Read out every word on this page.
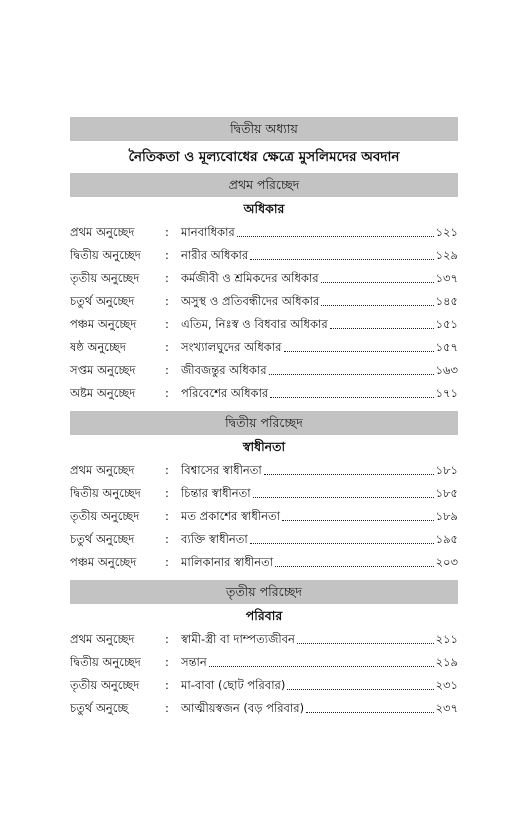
দ্বিতীয় অধ্যায়
নৈতিকতা ও মূল্যবোধের ক্ষেত্রে মুসলিমদের অবদান
প্রথম পরিচ্ছেদ
অধিকার
প্রথম অনুচ্ছেদ	:	মানবাধিকার	১২১
দ্বিতীয় অনুচ্ছেদ	:	নারীর অধিকার	১২৯
তৃতীয় অনুচ্ছেদ	:	কর্মজীবী ও শ্রমিকদের অধিকার	১৩৭
চতুর্থ অনুচ্ছেদ	:	অসুস্থ ও প্রতিবন্ধীদের অধিকার	১৪৫
পঞ্চম অনুচ্ছেদ	:	এতিম, নিঃস্ব ও বিধবার অধিকার	১৫১
ষষ্ঠ অনুচ্ছেদ	:	সংখ্যালঘুদের অধিকার	১৫৭
সপ্তম অনুচ্ছেদ	:	জীবজন্তুর অধিকার	১৬৩
অষ্টম অনুচ্ছেদ	:	পরিবেশের অধিকার	১৭১
দ্বিতীয় পরিচ্ছেদ
স্বাধীনতা
প্রথম অনুচ্ছেদ	:	বিশ্বাসের স্বাধীনতা	১৮১
দ্বিতীয় অনুচ্ছেদ	:	চিন্তার স্বাধীনতা	১৮৫
তৃতীয় অনুচ্ছেদ	:	মত প্রকাশের স্বাধীনতা	১৮৯
চতুর্থ অনুচ্ছেদ	:	ব্যক্তি স্বাধীনতা	১৯৫
পঞ্চম অনুচ্ছেদ	:	মালিকানার স্বাধীনতা	২০৩
তৃতীয় পরিচ্ছেদ
পরিবার
প্রথম অনুচ্ছেদ	:	স্বামী-স্ত্রী বা দাম্পত্যজীবন	২১১
দ্বিতীয় অনুচ্ছেদ	:	সন্তান	২১৯
তৃতীয় অনুচ্ছেদ	:	মা-বাবা (ছোট পরিবার)	২৩১
চতুর্থ অনুচ্ছে	:	আত্মীয়স্বজন (বড় পরিবার)	২৩৭
